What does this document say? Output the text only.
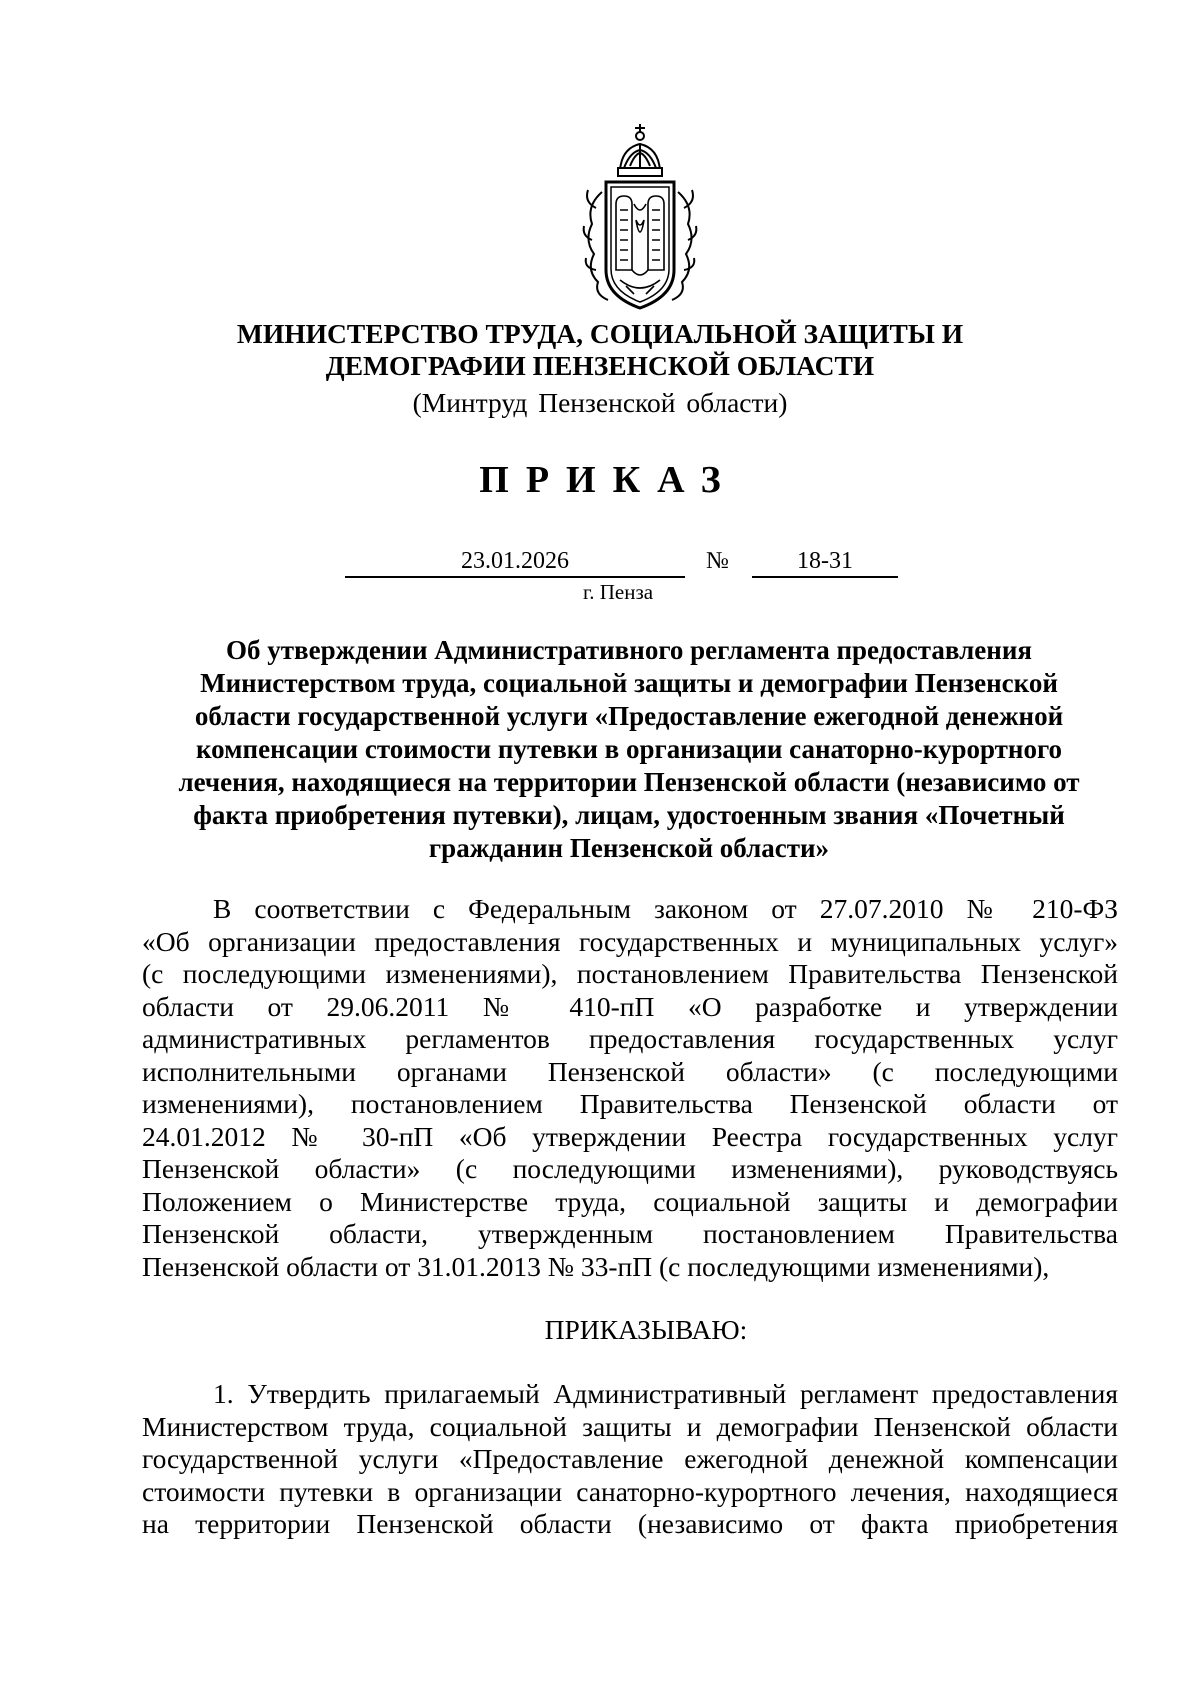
МИНИСТЕРСТВО ТРУДА, СОЦИАЛЬНОЙ ЗАЩИТЫ И
ДЕМОГРАФИИ ПЕНЗЕНСКОЙ ОБЛАСТИ
(Минтруд Пензенской области)
ПРИКАЗ
23.01.2026	№	18-31
г. Пенза
Об утверждении Административного регламента предоставления
Министерством труда, социальной защиты и демографии Пензенской
области государственной услуги «Предоставление ежегодной денежной
компенсации стоимости путевки в организации санаторно-курортного
лечения, находящиеся на территории Пензенской области (независимо от
факта приобретения путевки), лицам, удостоенным звания «Почетный
гражданин Пензенской области»
В соответствии с Федеральным законом от 27.07.2010 № 210-ФЗ
«Об организации предоставления государственных и муниципальных услуг»
(с последующими изменениями), постановлением Правительства Пензенской
области от 29.06.2011 № 410-пП «О разработке и утверждении
административных регламентов предоставления государственных услуг
исполнительными органами Пензенской области» (с последующими
изменениями), постановлением Правительства Пензенской области от
24.01.2012 № 30-пП «Об утверждении Реестра государственных услуг
Пензенской области» (с последующими изменениями), руководствуясь
Положением о Министерстве труда, социальной защиты и демографии
Пензенской области, утвержденным постановлением Правительства
Пензенской области от 31.01.2013 № 33-пП (с последующими изменениями),
ПРИКАЗЫВАЮ:
1. Утвердить прилагаемый Административный регламент предоставления
Министерством труда, социальной защиты и демографии Пензенской области
государственной услуги «Предоставление ежегодной денежной компенсации
стоимости путевки в организации санаторно-курортного лечения, находящиеся
на территории Пензенской области (независимо от факта приобретения
